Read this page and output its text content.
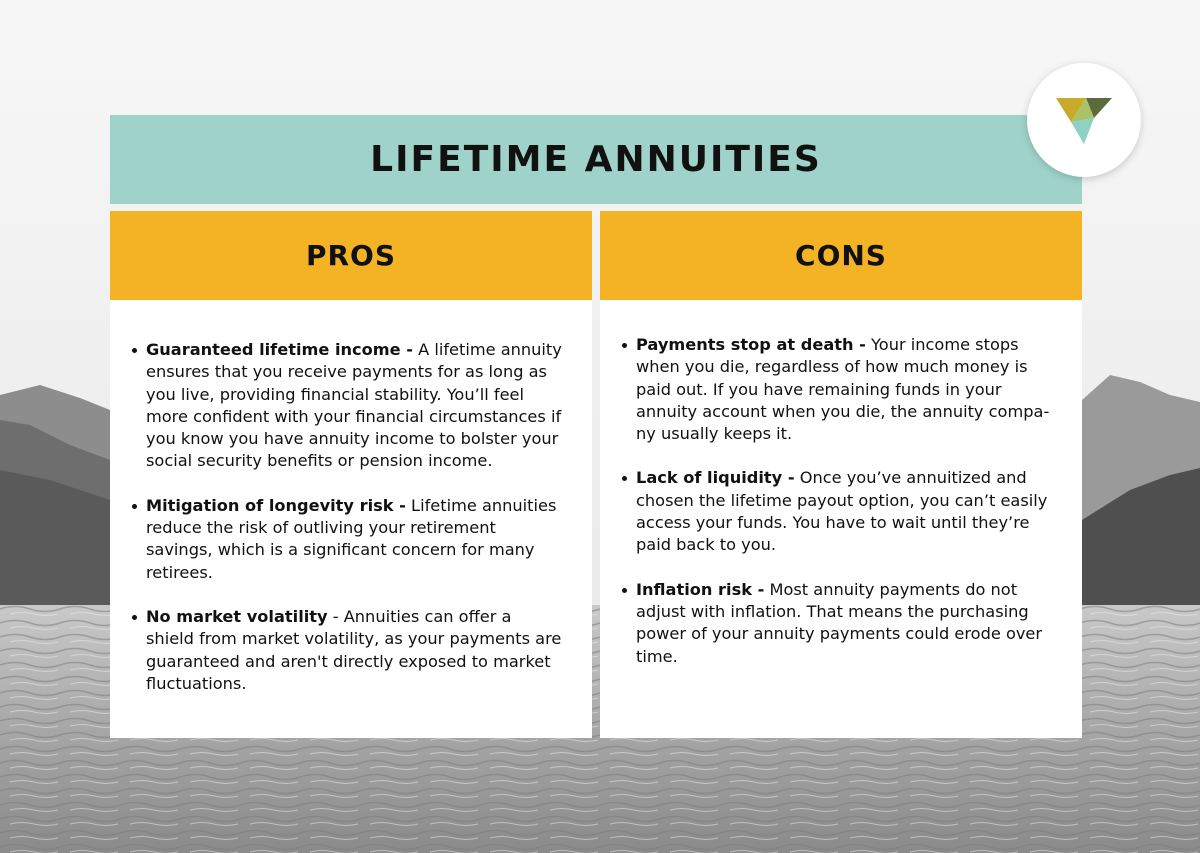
LIFETIME ANNUITIES
PROS	CONS
Guaranteed lifetime income - A lifetime annuity ensures that you receive payments for as long as you live, providing financial stability. You’ll feel more confident with your financial circumstances if you know you have annuity income to bolster your social security benefits or pension income.
Mitigation of longevity risk - Lifetime annuities reduce the risk of outliving your retirement savings, which is a significant concern for many retirees.
No market volatility - Annuities can offer a shield from market volatility, as your payments are guaranteed and aren't directly exposed to market fluctuations.
Payments stop at death - Your income stops when you die, regardless of how much money is paid out. If you have remaining funds in your annuity account when you die, the annuity company usually keeps it.
Lack of liquidity - Once you’ve annuitized and chosen the lifetime payout option, you can’t easily access your funds. You have to wait until they’re paid back to you.
Inflation risk - Most annuity payments do not adjust with inflation. That means the purchasing power of your annuity payments could erode over time.
